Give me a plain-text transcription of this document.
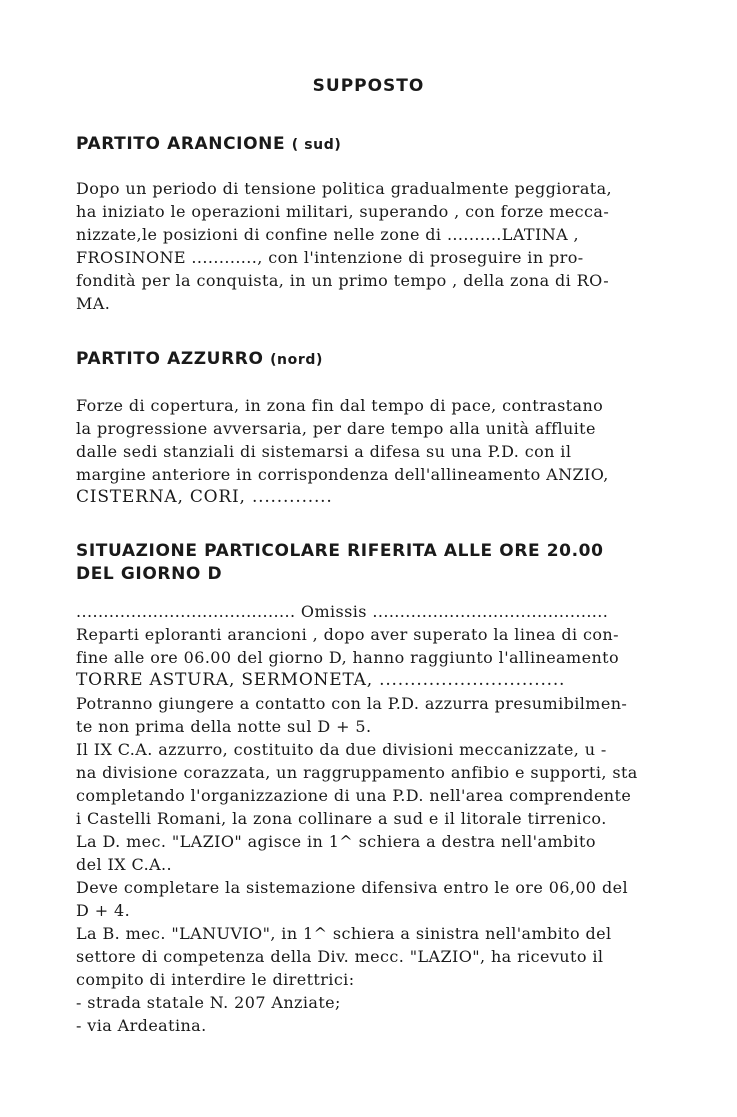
SUPPOSTO
PARTITO ARANCIONE ( sud)
Dopo un periodo di tensione politica gradualmente peggiorata,
ha iniziato le operazioni militari, superando , con forze mecca-
nizzate,le posizioni di confine nelle zone di ..........LATINA ,
FROSINONE ............, con l'intenzione di proseguire in pro-
fondità per la conquista, in un primo tempo , della zona di RO-
MA.
PARTITO AZZURRO (nord)
Forze di copertura, in zona fin dal tempo di pace, contrastano
la progressione avversaria, per dare tempo alla unità affluite
dalle sedi stanziali di sistemarsi a difesa su una P.D. con il
margine anteriore in corrispondenza dell'allineamento ANZIO,
CISTERNA, CORI, .............
SITUAZIONE PARTICOLARE RIFERITA ALLE ORE 20.00
DEL GIORNO D
........................................ Omissis ...........................................
Reparti eploranti arancioni , dopo aver superato la linea di con-
fine alle ore 06.00 del giorno D, hanno raggiunto l'allineamento
TORRE ASTURA, SERMONETA, ..............................
Potranno giungere a contatto con la P.D. azzurra presumibilmen-
te non prima della notte sul D + 5.
Il IX C.A. azzurro, costituito da due divisioni meccanizzate, u -
na divisione corazzata, un raggruppamento anfibio e supporti, sta
completando l'organizzazione di una P.D. nell'area comprendente
i Castelli Romani, la zona collinare a sud e il litorale tirrenico.
La D. mec. "LAZIO" agisce in 1^ schiera a destra nell'ambito
del IX C.A..
Deve completare la sistemazione difensiva entro le ore 06,00 del
D + 4.
La B. mec. "LANUVIO", in 1^ schiera a sinistra nell'ambito del
settore di competenza della Div. mecc. "LAZIO", ha ricevuto il
compito di interdire le direttrici:
- strada statale N. 207 Anziate;
- via Ardeatina.
